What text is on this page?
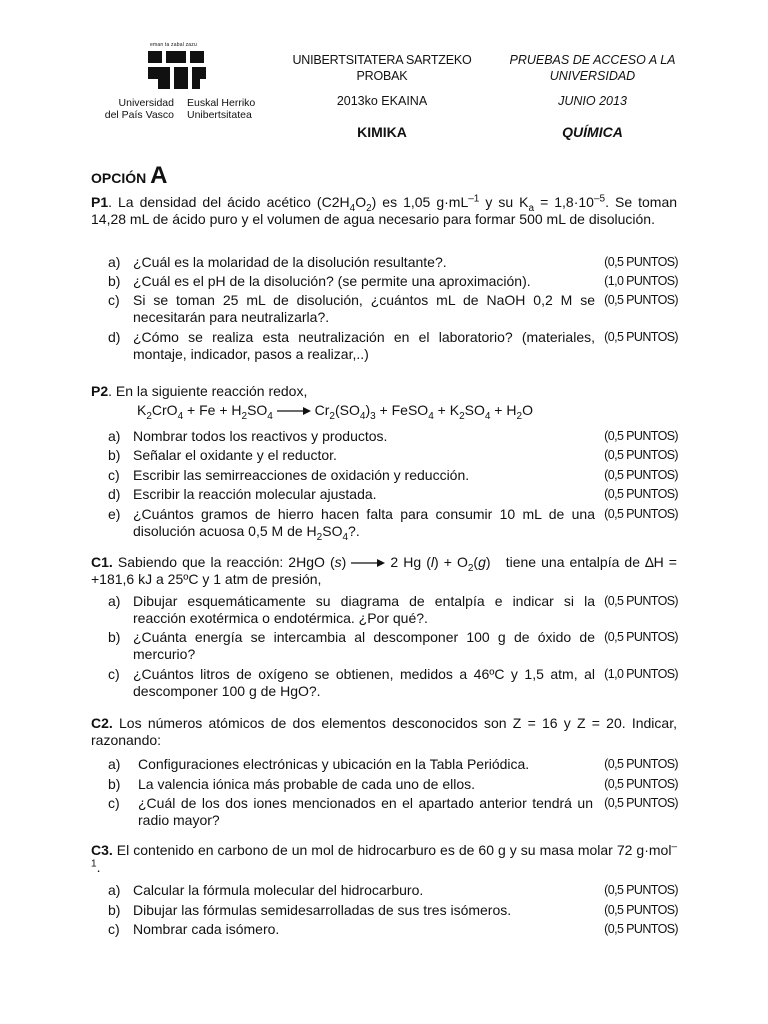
eman ta zabal zazu
Universidad
del País Vasco
Euskal Herriko
Unibertsitatea
UNIBERTSITATERA SARTZEKO
PROBAK
PRUEBAS DE ACCESO A LA
UNIVERSIDAD
2013ko EKAINA	JUNIO 2013
KIMIKA	QUÍMICA
OPCIÓN A
P1. La densidad del ácido acético $(C2H_4O_2)$ es 1,05 $g\cdot mL^{-1}$ y su $K_a = 1,8\cdot 10^{-5}$. Se toman 14,28 mL de ácido puro y el volumen de agua necesario para formar 500 mL de disolución.
a) ¿Cuál es la molaridad de la disolución resultante?.	(0,5 PUNTOS)
b) ¿Cuál es el pH de la disolución? (se permite una aproximación).	(1,0 PUNTOS)
c) Si se toman 25 mL de disolución, ¿cuántos mL de NaOH 0,2 M se necesitarán para neutralizarla?.
(0,5 PUNTOS)
d) ¿Cómo se realiza esta neutralización en el laboratorio? (materiales, montaje, indicador, pasos a realizar,..)
(0,5 PUNTOS)
P2. En la siguiente reacción redox,
$K_2CrO_4 + Fe + H_2SO_4 \to Cr_2(SO_4)_3$ + FeSO$_4$ + $K_2SO_4 + H_2O$
a) Nombrar todos los reactivos y productos.	(0,5 PUNTOS)
b) Señalar el oxidante y el reductor.	(0,5 PUNTOS)
c) Escribir las semirreacciones de oxidación y reducción.	(0,5 PUNTOS)
d) Escribir la reacción molecular ajustada.	(0,5 PUNTOS)
e) ¿Cuántos gramos de hierro hacen falta para consumir 10 mL de una disolución acuosa 0,5 M de $H_2SO_4$?.
(0,5 PUNTOS)
C1. Sabiendo que la reacción: 2HgO (s) → 2 Hg $(l) + O_2(g)$   tiene una entalpía de ∆H = +181,6 kJ a 25ºC y 1 atm de presión,
a) Dibujar esquemáticamente su diagrama de entalpía e indicar si la reacción exotérmica o endotérmica. ¿Por qué?.
(0,5 PUNTOS)
b) ¿Cuánta energía se intercambia al descomponer 100 g de óxido de mercurio?
(0,5 PUNTOS)
c) ¿Cuántos litros de oxígeno se obtienen, medidos a 46ºC y 1,5 atm, al descomponer 100 g de HgO?.
(1,0 PUNTOS)
C2. Los números atómicos de dos elementos desconocidos son Z = 16 y Z = 20. Indicar, razonando:
a)	Configuraciones electrónicas y ubicación en la Tabla Periódica.	(0,5 PUNTOS)
b)	La valencia iónica más probable de cada uno de ellos.	(0,5 PUNTOS)
c)	¿Cuál de los dos iones mencionados en el apartado anterior tendrá un radio mayor?
(0,5 PUNTOS)
C3. El contenido en carbono de un mol de hidrocarburo es de 60 g y su masa molar 72 g·mol$^{-1}$.
a) Calcular la fórmula molecular del hidrocarburo.	(0,5 PUNTOS)
b) Dibujar las fórmulas semidesarrolladas de sus tres isómeros.	(0,5 PUNTOS)
c) Nombrar cada isómero.	(0,5 PUNTOS)
